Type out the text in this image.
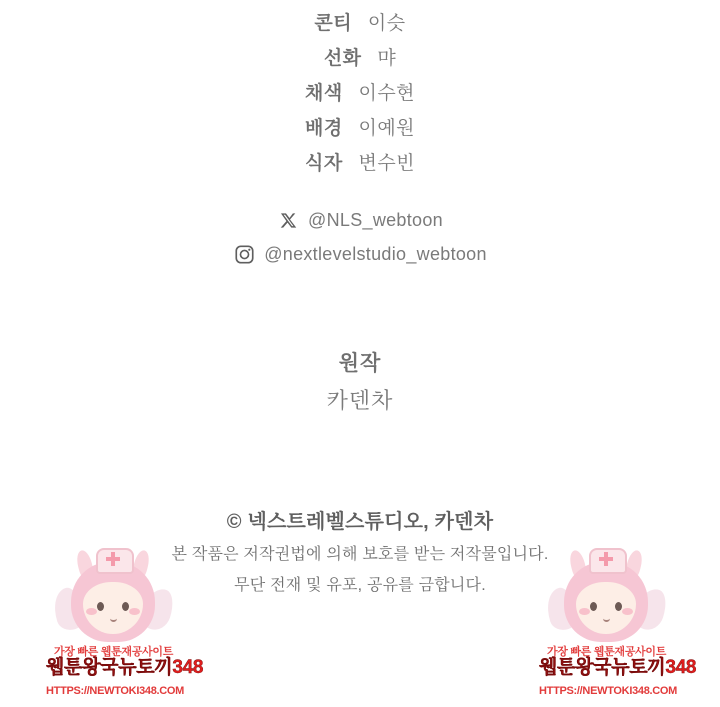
콘티 이슷
선화 먀
채색 이수현
배경 이예원
식자 변수빈
@NLS_webtoon
@nextlevelstudio_webtoon
원작
카덴차
© 넥스트레벨스튜디오, 카덴차
본 작품은 저작권법에 의해 보호를 받는 저작물입니다.
무단 전재 및 유포, 공유를 금합니다.
가장 빠른 웹툰재공사이트
웹툰왕국뉴토끼348
HTTPS://NEWTOKI348.COM
가장 빠른 웹툰재공사이트
웹툰왕국뉴토끼348
HTTPS://NEWTOKI348.COM
